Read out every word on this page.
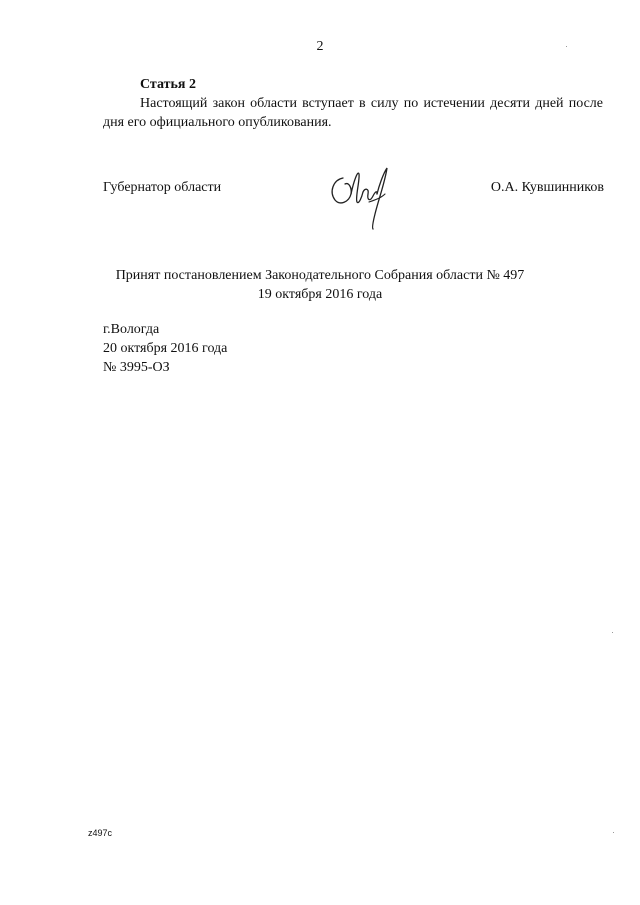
2
Статья 2

Настоящий закон области вступает в силу по истечении десяти дней после дня его официального опубликования.

Губернатор области	О.А. Кувшинников
Принят постановлением Законодательного Собрания области № 497
19 октября 2016 года
г.Вологда
20 октября 2016 года
№ 3995-ОЗ
z497c
